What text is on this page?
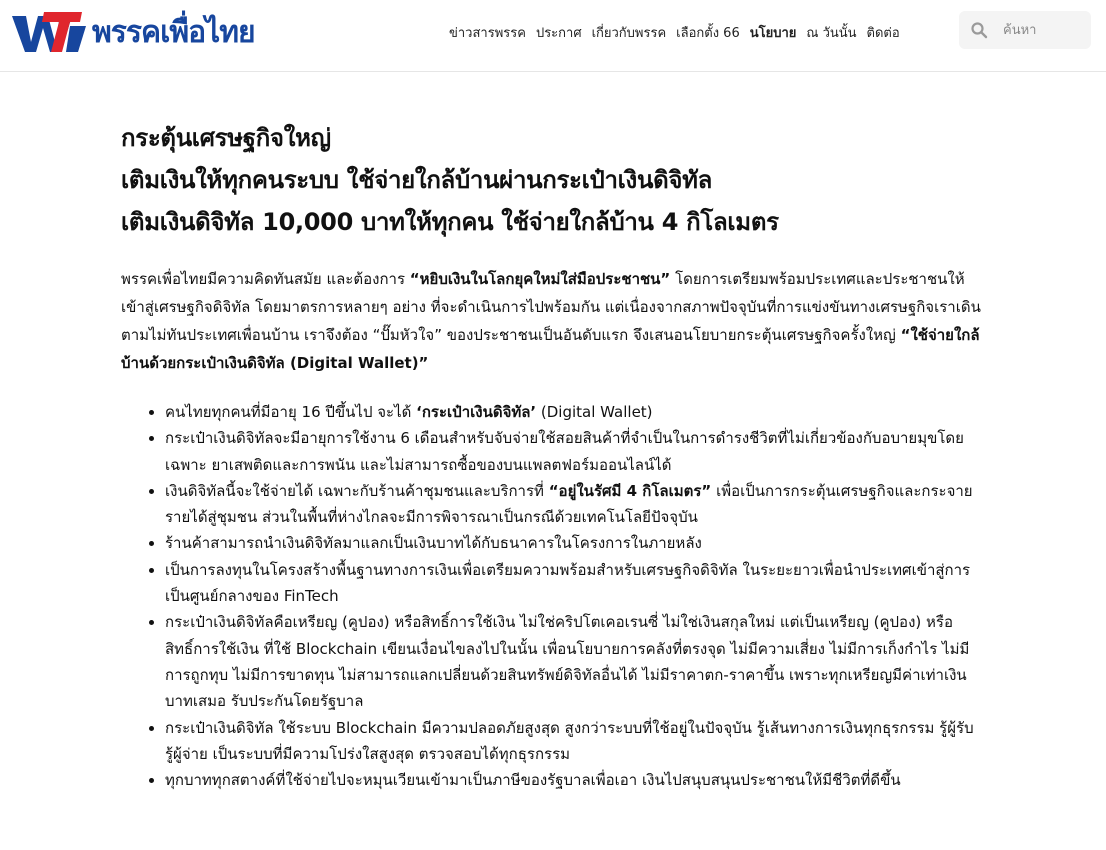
พรรคเพื่อไทย	ข่าวสารพรรค ประกาศ เกี่ยวกับพรรค เลือกตั้ง 66 นโยบาย ณ วันนั้น ติดต่อ
ค้นหา
กระตุ้นเศรษฐกิจใหญ่
เติมเงินให้ทุกคนระบบ ใช้จ่ายใกล้บ้านผ่านกระเป๋าเงินดิจิทัล
เติมเงินดิจิทัล 10,000 บาทให้ทุกคน ใช้จ่ายใกล้บ้าน 4 กิโลเมตร

พรรคเพื่อไทยมีความคิดทันสมัย และต้องการ “หยิบเงินในโลกยุคใหม่ใส่มือประชาชน” โดยการเตรียมพร้อมประเทศและประชาชนให้เข้าสู่เศรษฐกิจดิจิทัล โดยมาตรการหลายๆ อย่าง ที่จะดำเนินการไปพร้อมกัน แต่เนื่องจากสภาพปัจจุบันที่การแข่งขันทางเศรษฐกิจเราเดินตามไม่ทันประเทศเพื่อนบ้าน เราจึงต้อง “ปั๊มหัวใจ” ของประชาชนเป็นอันดับแรก จึงเสนอนโยบายกระตุ้นเศรษฐกิจครั้งใหญ่ “ใช้จ่ายใกล้บ้านด้วยกระเป๋าเงินดิจิทัล (Digital Wallet)”

• คนไทยทุกคนที่มีอายุ 16 ปีขึ้นไป จะได้ ‘กระเป๋าเงินดิจิทัล’ (Digital Wallet)
• กระเป๋าเงินดิจิทัลจะมีอายุการใช้งาน 6 เดือนสำหรับจับจ่ายใช้สอยสินค้าที่จำเป็นในการดำรงชีวิตที่ไม่เกี่ยวข้องกับอบายมุขโดยเฉพาะ ยาเสพติดและการพนัน และไม่สามารถซื้อของบนแพลตฟอร์มออนไลน์ได้
• เงินดิจิทัลนี้จะใช้จ่ายได้ เฉพาะกับร้านค้าชุมชนและบริการที่ “อยู่ในรัศมี 4 กิโลเมตร” เพื่อเป็นการกระตุ้นเศรษฐกิจและกระจายรายได้สู่ชุมชน ส่วนในพื้นที่ห่างไกลจะมีการพิจารณาเป็นกรณีด้วยเทคโนโลยีปัจจุบัน
• ร้านค้าสามารถนำเงินดิจิทัลมาแลกเป็นเงินบาทได้กับธนาคารในโครงการในภายหลัง
• เป็นการลงทุนในโครงสร้างพื้นฐานทางการเงินเพื่อเตรียมความพร้อมสำหรับเศรษฐกิจดิจิทัล ในระยะยาวเพื่อนำประเทศเข้าสู่การเป็นศูนย์กลางของ FinTech
• กระเป๋าเงินดิจิทัลคือเหรียญ (คูปอง) หรือสิทธิ์การใช้เงิน ไม่ใช่คริปโตเคอเรนซี่ ไม่ใช่เงินสกุลใหม่ แต่เป็นเหรียญ (คูปอง) หรือสิทธิ์การใช้เงิน ที่ใช้ Blockchain เขียนเงื่อนไขลงไปในนั้น เพื่อนโยบายการคลังที่ตรงจุด ไม่มีความเสี่ยง ไม่มีการเก็งกำไร ไม่มีการถูกทุบ ไม่มีการขาดทุน ไม่สามารถแลกเปลี่ยนด้วยสินทรัพย์ดิจิทัลอื่นได้ ไม่มีราคาตก-ราคาขึ้น เพราะทุกเหรียญมีค่าเท่าเงินบาทเสมอ รับประกันโดยรัฐบาล
• กระเป๋าเงินดิจิทัล ใช้ระบบ Blockchain มีความปลอดภัยสูงสุด สูงกว่าระบบที่ใช้อยู่ในปัจจุบัน รู้เส้นทางการเงินทุกธุรกรรม รู้ผู้รับ รู้ผู้จ่าย เป็นระบบที่มีความโปร่งใสสูงสุด ตรวจสอบได้ทุกธุรกรรม
• ทุกบาททุกสตางค์ที่ใช้จ่ายไปจะหมุนเวียนเข้ามาเป็นภาษีของรัฐบาลเพื่อเอา เงินไปสนุบสนุนประชาชนให้มีชีวิตที่ดีขึ้น
